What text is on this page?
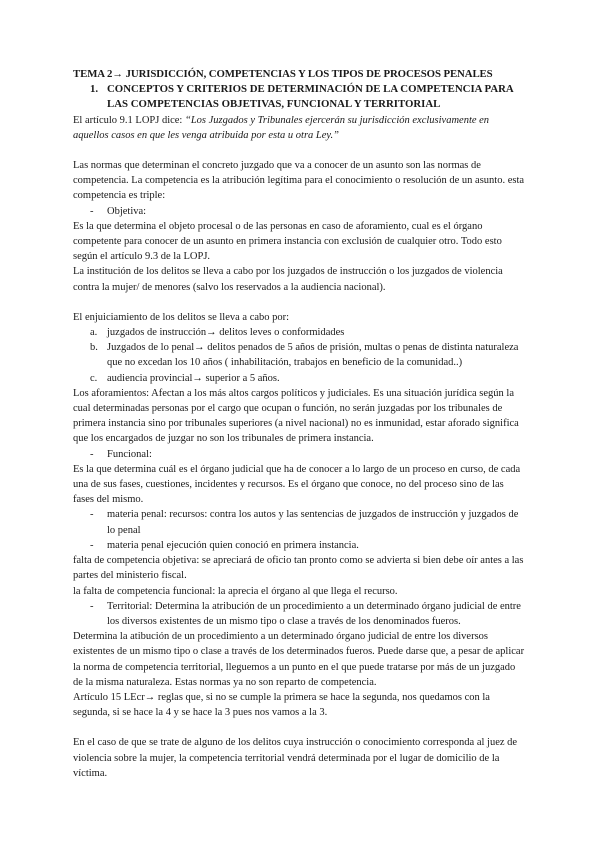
TEMA 2→ JURISDICCIÓN, COMPETENCIAS Y LOS TIPOS DE PROCESOS PENALES

1. CONCEPTOS Y CRITERIOS DE DETERMINACIÓN DE LA COMPETENCIA PARA LAS COMPETENCIAS OBJETIVAS, FUNCIONAL Y TERRITORIAL

El artículo 9.1 LOPJ dice: “Los Juzgados y Tribunales ejercerán su jurisdicción exclusivamente en aquellos casos en que les venga atribuida por esta u otra Ley.”

Las normas que determinan el concreto juzgado que va a conocer de un asunto son las normas de competencia. La competencia es la atribución legítima para el conocimiento o resolución de un asunto. esta competencia es triple:

-	Objetiva:

Es la que determina el objeto procesal o de las personas en caso de aforamiento, cual es el órgano competente para conocer de un asunto en primera instancia con exclusión de cualquier otro. Todo esto según el artículo 9.3 de la LOPJ.

La institución de los delitos se lleva a cabo por los juzgados de instrucción o los juzgados de violencia contra la mujer/ de menores (salvo los reservados a la audiencia nacional).

El enjuiciamiento de los delitos se lleva a cabo por:

a. juzgados de instrucción→ delitos leves o conformidades
b. Juzgados de lo penal→ delitos penados de 5 años de prisión, multas o penas de distinta naturaleza que no excedan los 10 años ( inhabilitación, trabajos en beneficio de la comunidad..)
c. audiencia provincial→ superior a 5 años.

Los aforamientos: Afectan a los más altos cargos políticos y judiciales. Es una situación jurídica según la cual determinadas personas por el cargo que ocupan o función, no serán juzgadas por los tribunales de primera instancia sino por tribunales superiores (a nivel nacional) no es inmunidad, estar aforado significa que los encargados de juzgar no son los tribunales de primera instancia.

-	Funcional:

Es la que determina cuál es el órgano judicial que ha de conocer a lo largo de un proceso en curso, de cada una de sus fases, cuestiones, incidentes y recursos. Es el órgano que conoce, no del proceso sino de las fases del mismo.

-	materia penal: recursos: contra los autos y las sentencias de juzgados de instrucción y juzgados de lo penal
-	materia penal ejecución quien conoció en primera instancia.

falta de competencia objetiva: se apreciará de oficio tan pronto como se advierta si bien debe oír antes a las partes del ministerio fiscal.

la falta de competencia funcional: la aprecia el órgano al que llega el recurso.

-	Territorial: Determina la atribución de un procedimiento a un determinado órgano judicial de entre los diversos existentes de un mismo tipo o clase a través de los denominados fueros.

Determina la atibución de un procedimiento a un determinado órgano judicial de entre los diversos existentes de un mismo tipo o clase a través de los determinados fueros. Puede darse que, a pesar de aplicar la norma de competencia territorial, lleguemos a un punto en el que puede tratarse por más de un juzgado de la misma naturaleza. Estas normas ya no son reparto de competencia.

Artículo 15 LEcr→ reglas que, si no se cumple la primera se hace la segunda, nos quedamos con la segunda, si se hace la 4 y se hace la 3 pues nos vamos a la 3.

En el caso de que se trate de alguno de los delitos cuya instrucción o conocimiento corresponda al juez de violencia sobre la mujer, la competencia territorial vendrá determinada por el lugar de domicilio de la víctima.
